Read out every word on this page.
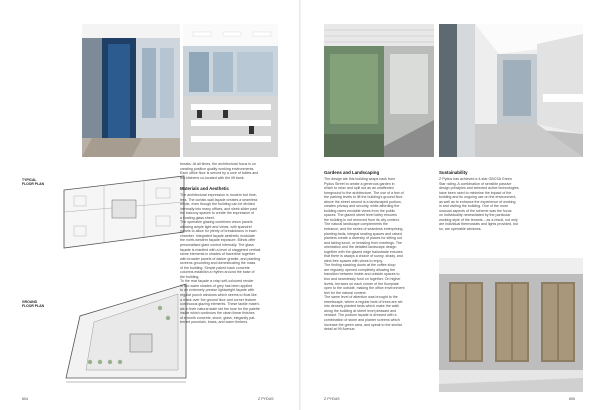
TYPICAL
FLOOR PLAN
GROUND
FLOOR PLAN
breaks. At all times, the architectural focus is on
creating positive quality working environments.
Each office floor is served by a core of toilets and
tea kitchens co-located with the lift bank.
Materials and Aesthetic
The architectural expression is modern but time-
less. The curtain-wall façade creates a seamless
whole, even though the building can be divided
internally into many offices, and sleek slider past
the balcony spaces to create the impression of
a floating glass sheet.
The openable glazing combines vision panels
allowing ample light and views, with spandrel
panels to allow for plenty of breakdowns in each
chamber. Integrated façade aesthetic modulate
the north-western façade exposure. Blinds offer
personalised glare control internally. The glass
façade is mantled with a level of staggered vertical
stone elements in shades of travertine together
with broader panels of darker granite, and planting
screens grounding and domesticating the mass
of the building. Simple paired back concrete
columns establish a rhythm around the base of
the building.
To the rear façade a crisp self-coloured render
in two warm shades of grey has been applied
to an extremely precise lightweight façade with
regular punch windows which seems to float like
a mask over the ground floor and corner feature
continuous glazing elements. These tactile materi-
als in their natural state set the tone for the palette
inside which continues the clean linear finishes
of smooth concrete, stone, glass, elegantly pat-
terned porcelain, brass, and warm timbers.
604	Z PYDUS
Gardens and Landscaping
The design ate this building wraps back from
Pydus Street to create a generous garden in
which to relax and spill out as an unaffected
foreground to the architecture. The use of a few of
the parking levels to lift the building's ground floor
above the street around is a landscaped podium,
creates privacy and security, while affording the
building users enviable views from the public
spaces. The glazed street level lobby ensures
the building is not removed from its city context.
The natural landscape complements the
entrance, and the series of seamless enterprising
planting beds, integral seating spaces and raised
planters create a diversity of places for sitting out
and taking lunch, or breaking from meetings. The
orientation and the detailed landscape design
together with the glazed edge balustrade ensures
that there is always a choice of sunny, shady, and
wind-free spaces with views to enjoy.
The finding stacking doors at the coffee shop
are regularly opened completely allowing the
transition between inside and outside spaces to
blur and seamlessly fund on together. On higher
levels, terraces on each corner of the floorplate
open to the outside, making the office environment
feel for the natural context.
The same level of attention was brought to the
streetscape, where a regular beat of trees are set
into densely planted beds which make the walk
along the building at street level pleasant and
verdant. The podium façade is dressed with a
combination of stone and planter screens which
increase the green area, and speak to the similar
detail at 99 Avenue.
Sustainability
Z Pydus has achieved a 4-star GBCSA Green
Star rating. A combination of sensible passive
design principles and selected active technologies
have been used to minimise the impact of the
building and its ongoing use on the environment,
as well as to enhance the experience of working
in and visiting the building. One of the more
unusual aspects of the scheme was the focus
on individuality necessitated by the particular
working style of the tenants – as a result, not only
are individual thermostats and lights provided, but
so, are openable windows.
Z PYDUS	605
